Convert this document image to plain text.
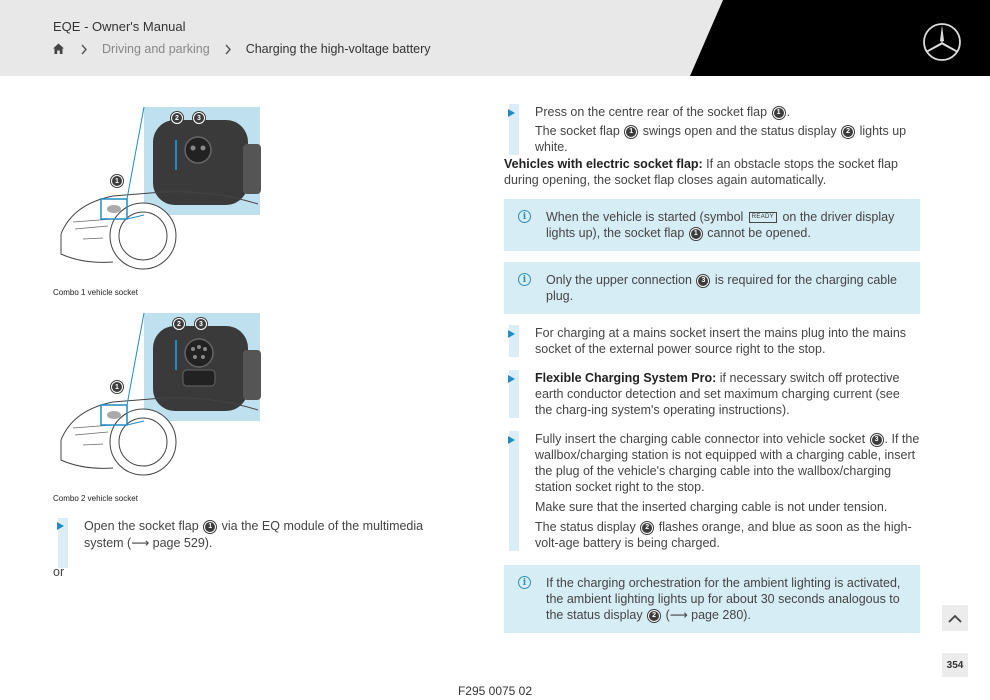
EQE - Owner's Manual
Driving and parking	Charging the high-voltage battery
1
2	3
Combo 1 vehicle socket
1
2	3
Combo 2 vehicle socket
Open the socket flap 1 via the EQ module of the multimedia system (⟶ page 529).
or

Press on the centre rear of the socket flap 1 .

The socket flap 1 swings open and the status display 2 lights up white.

Vehicles with electric socket flap: If an obstacle stops the socket flap during opening, the socket flap closes again automatically.

i	When the vehicle is started (symbol READY on the driver display lights up), the socket flap 1 cannot be opened.
i	Only the upper connection 3 is required for the charging cable plug.

For charging at a mains socket insert the mains plug into the mains socket of the external power source right to the stop.

Flexible Charging System Pro: if necessary switch off protective earth conductor detection and set maximum charging current (see the charg-ing system's operating instructions).

Fully insert the charging cable connector into vehicle socket 3 . If the wallbox/charging station is not equipped with a charging cable, insert the plug of the vehicle's charging cable into the wallbox/charging station socket right to the stop.

Make sure that the inserted charging cable is not under tension.

The status display 2 flashes orange, and blue as soon as the high-volt-age battery is being charged.

i	If the charging orchestration for the ambient lighting is activated, the ambient lighting lights up for about 30 seconds analogous to the status display 2 (⟶ page 280).
F295 0075 02
354
